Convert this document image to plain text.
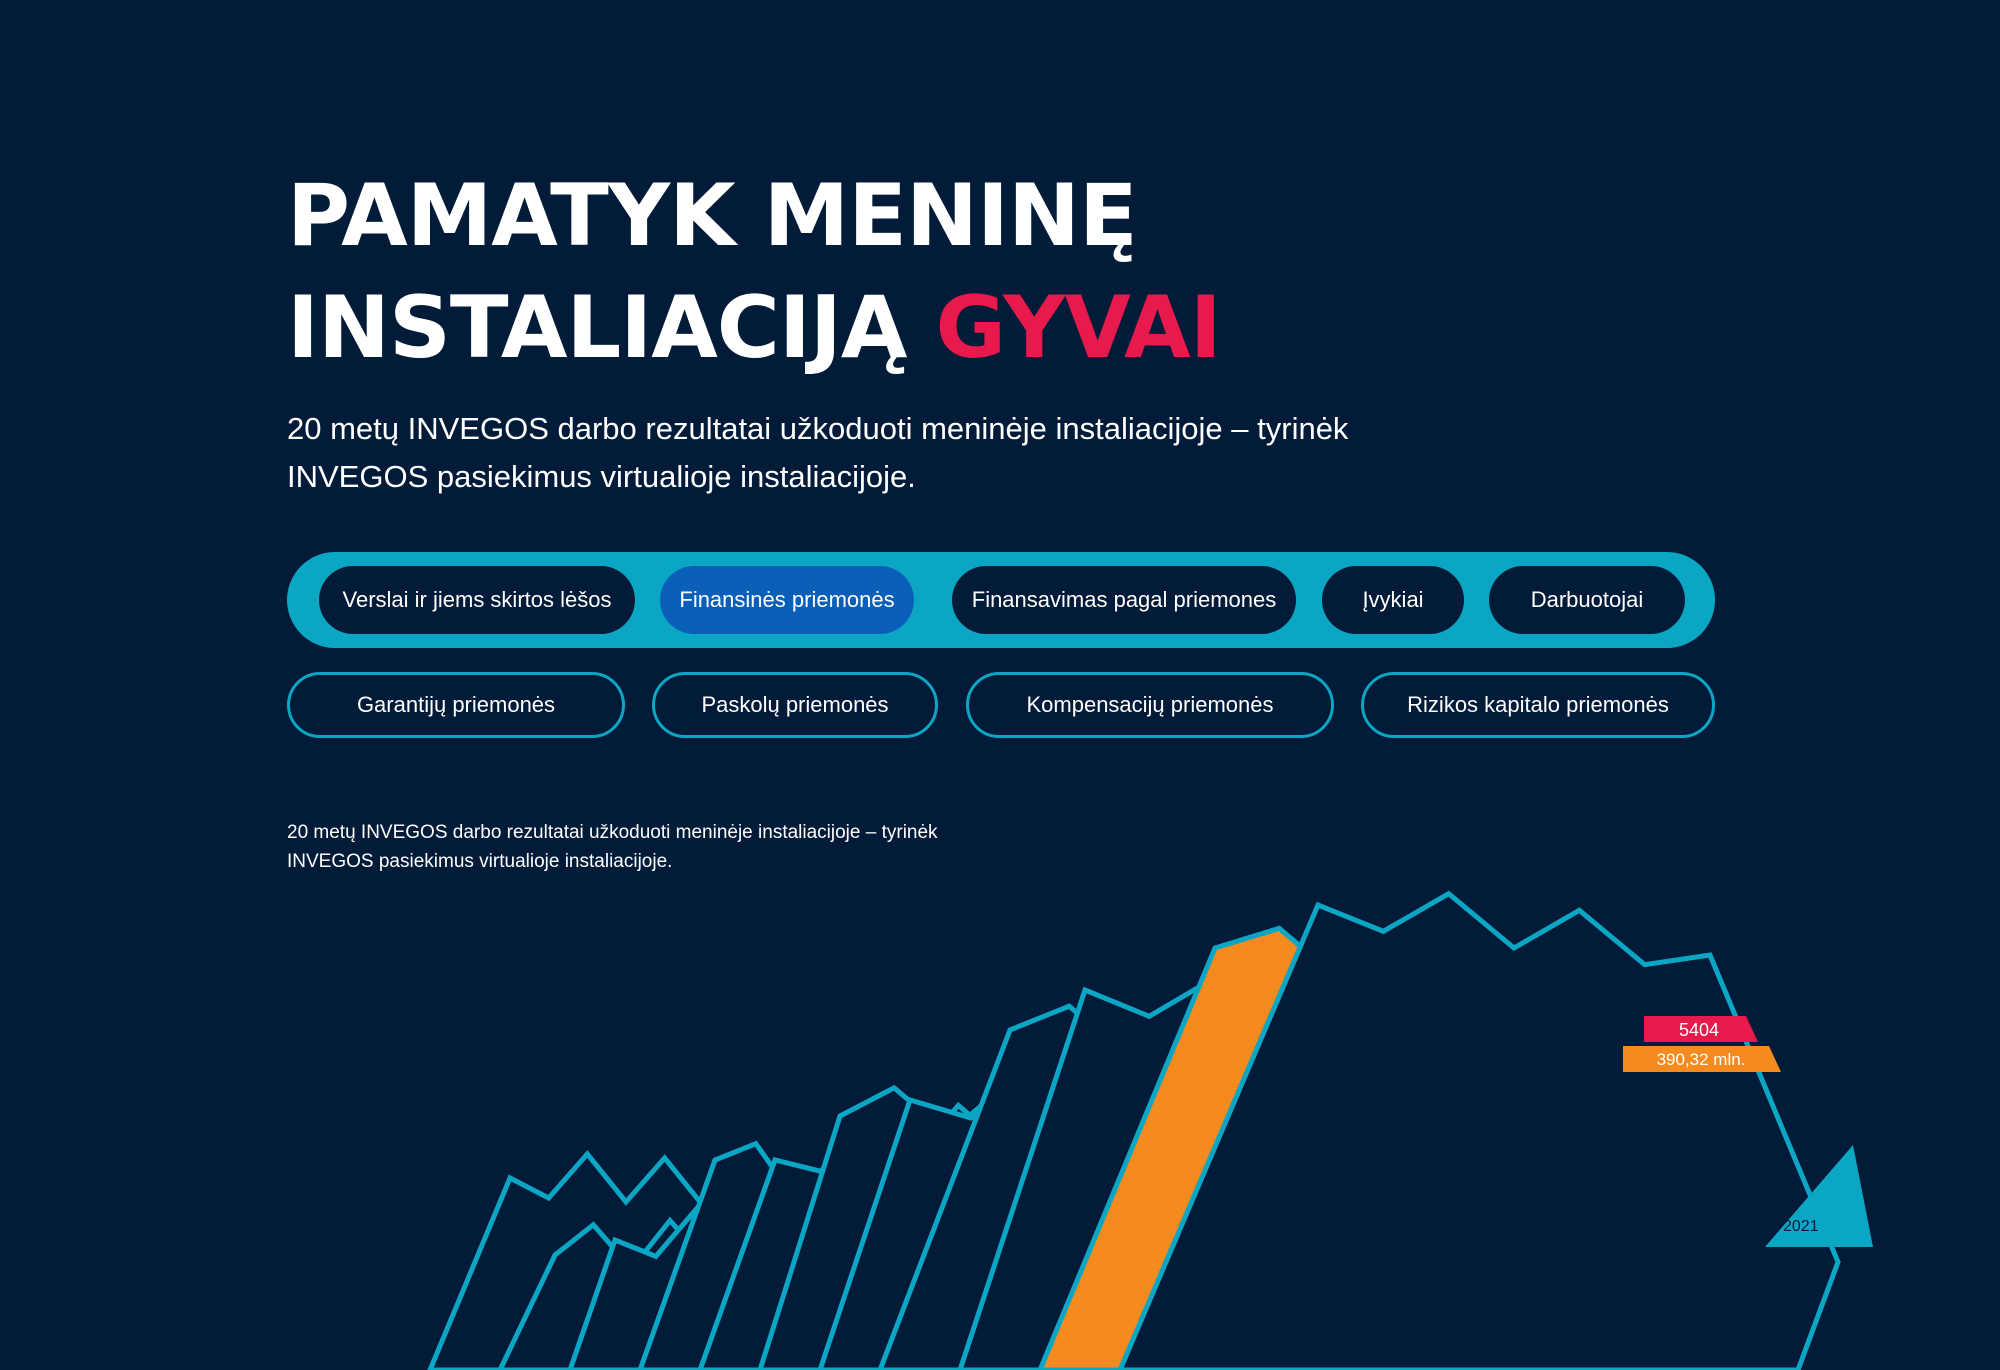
PAMATYK MENINĘ
INSTALIACIJĄ GYVAI

20 metų INVEGOS darbo rezultatai užkoduoti meninėje instaliacijoje – tyrinėk INVEGOS pasiekimus virtualioje instaliacijoje.

Verslai ir jiems skirtos lėšos	Finansinės priemonės	Finansavimas pagal priemones	Įvykiai	Darbuotojai
Garantijų priemonės	Paskolų priemonės	Kompensacijų priemonės	Rizikos kapitalo priemonės

20 metų INVEGOS darbo rezultatai užkoduoti meninėje instaliacijoje – tyrinėk INVEGOS pasiekimus virtualioje instaliacijoje.

2021
5404
390,32 mln.
